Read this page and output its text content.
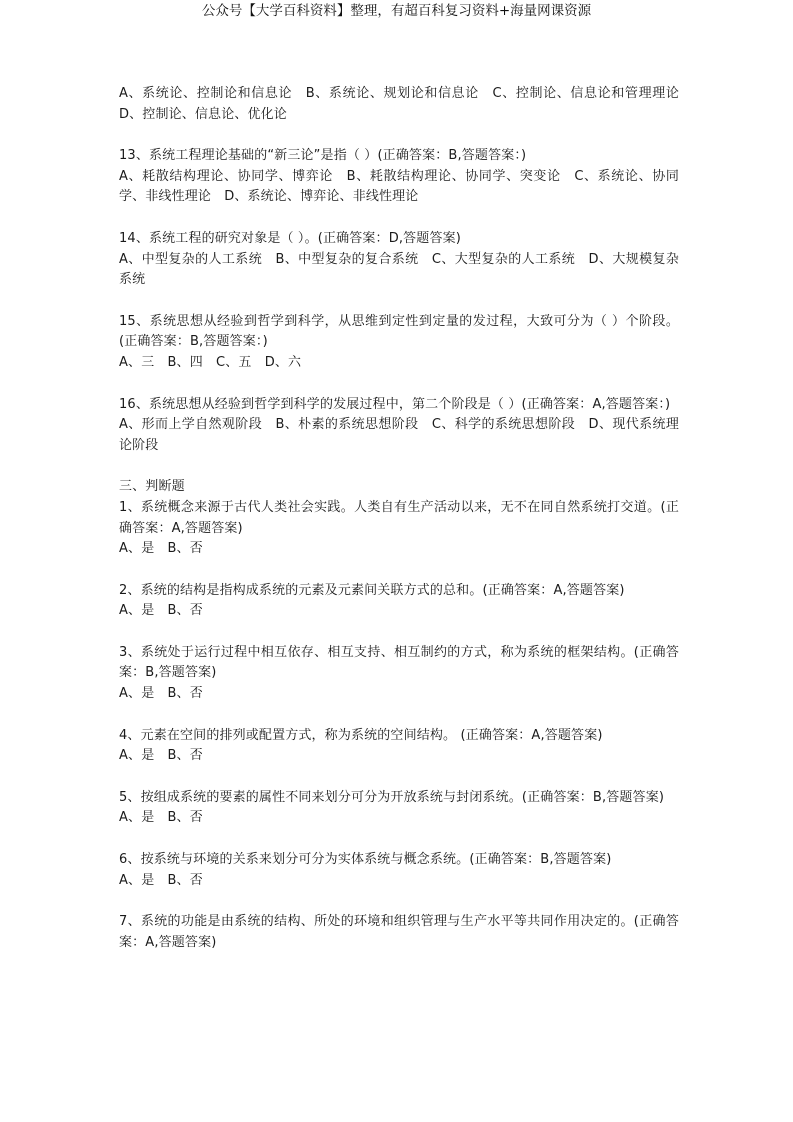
公众号【大学百科资料】整理，有超百科复习资料+海量网课资源

A、系统论、控制论和信息论　B、系统论、规划论和信息论　C、控制论、信息论和管理理论　D、控制论、信息论、优化论

13、系统工程理论基础的“新三论”是指（ ）(正确答案：B,答题答案：)

A、耗散结构理论、协同学、博弈论　B、耗散结构理论、协同学、突变论　C、系统论、协同学、非线性理论　D、系统论、博弈论、非线性理论

14、系统工程的研究对象是（ ）。(正确答案：D,答题答案)

A、中型复杂的人工系统　B、中型复杂的复合系统　C、大型复杂的人工系统　D、大规模复杂系统

15、系统思想从经验到哲学到科学，从思维到定性到定量的发过程，大致可分为（ ）个阶段。(正确答案：B,答题答案：)

A、三　B、四　C、五　D、六

16、系统思想从经验到哲学到科学的发展过程中，第二个阶段是（ ）(正确答案：A,答题答案：)

A、形而上学自然观阶段　B、朴素的系统思想阶段　C、科学的系统思想阶段　D、现代系统理论阶段

三、判断题

1、系统概念来源于古代人类社会实践。人类自有生产活动以来，无不在同自然系统打交道。(正确答案：A,答题答案)

A、是　B、否

2、系统的结构是指构成系统的元素及元素间关联方式的总和。(正确答案：A,答题答案)

A、是　B、否

3、系统处于运行过程中相互依存、相互支持、相互制约的方式，称为系统的框架结构。(正确答案：B,答题答案)

A、是　B、否

4、元素在空间的排列或配置方式，称为系统的空间结构。 (正确答案：A,答题答案)

A、是　B、否

5、按组成系统的要素的属性不同来划分可分为开放系统与封闭系统。(正确答案：B,答题答案)

A、是　B、否

6、按系统与环境的关系来划分可分为实体系统与概念系统。(正确答案：B,答题答案)

A、是　B、否

7、系统的功能是由系统的结构、所处的环境和组织管理与生产水平等共同作用决定的。(正确答案：A,答题答案)
